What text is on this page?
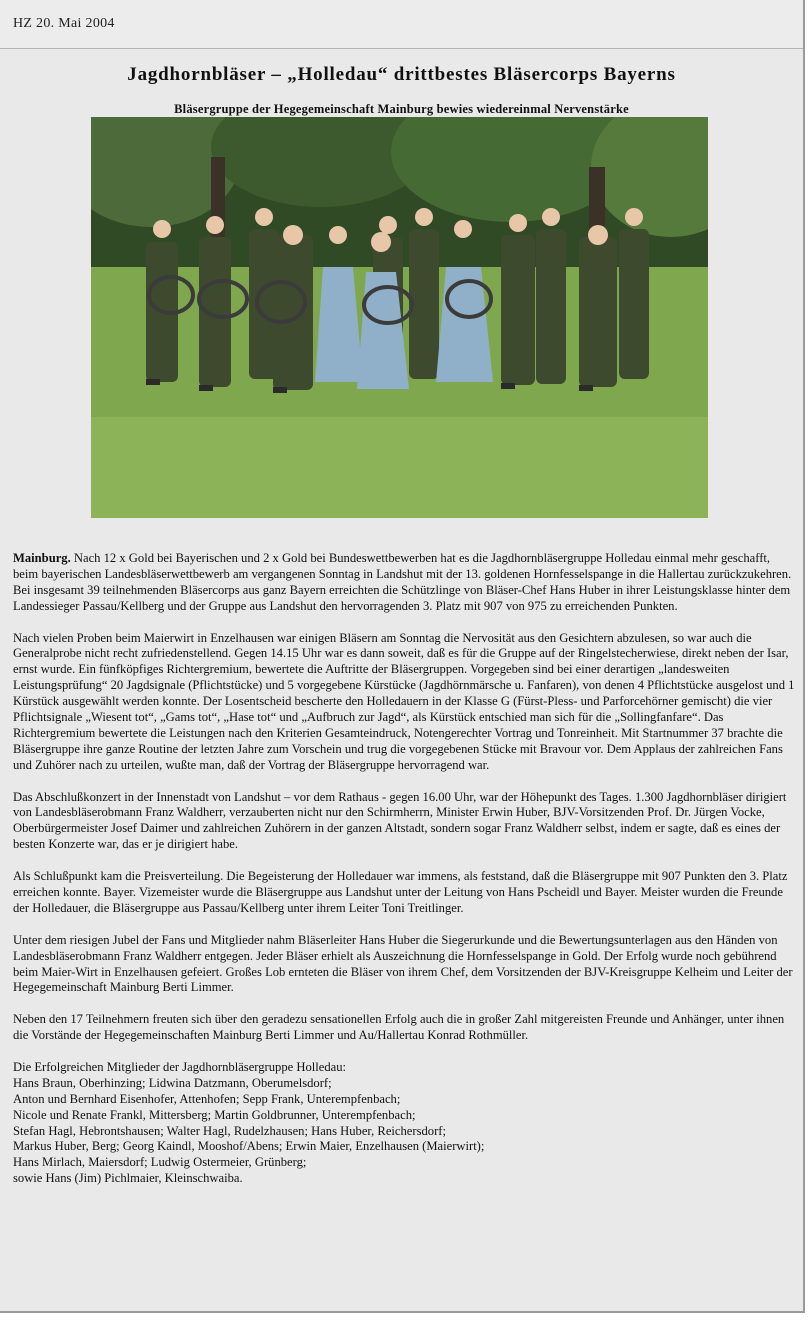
HZ 20. Mai 2004
Jagdhornbläser – „Holledau“ drittbestes Bläsercorps Bayerns
Bläsergruppe der Hegegemeinschaft Mainburg bewies wiedereinmal Nervenstärke

Mainburg. Nach 12 x Gold bei Bayerischen und 2 x Gold bei Bundeswettbewerben hat es die Jagdhornbläsergruppe Holledau einmal mehr geschafft, beim bayerischen Landesbläserwettbewerb am vergangenen Sonntag in Landshut mit der 13. goldenen Hornfesselspange in die Hallertau zurückzukehren. Bei insgesamt 39 teilnehmenden Bläsercorps aus ganz Bayern erreichten die Schützlinge von Bläser-Chef Hans Huber in ihrer Leistungsklasse hinter dem Landessieger Passau/Kellberg und der Gruppe aus Landshut den hervorragenden 3. Platz mit 907 von 975 zu erreichenden Punkten.

Nach vielen Proben beim Maierwirt in Enzelhausen war einigen Bläsern am Sonntag die Nervosität aus den Gesichtern abzulesen, so war auch die Generalprobe nicht recht zufriedenstellend. Gegen 14.15 Uhr war es dann soweit, daß es für die Gruppe auf der Ringelstecherwiese, direkt neben der Isar, ernst wurde. Ein fünfköpfiges Richtergremium, bewertete die Auftritte der Bläsergruppen. Vorgegeben sind bei einer derartigen „landesweiten Leistungsprüfung“ 20 Jagdsignale (Pflichtstücke) und 5 vorgegebene Kürstücke (Jagdhörnmärsche u. Fanfaren), von denen 4 Pflichtstücke ausgelost und 1 Kürstück ausgewählt werden konnte. Der Losentscheid bescherte den Holledauern in der Klasse G (Fürst-Pless- und Parforcehörner gemischt) die vier Pflichtsignale „Wiesent tot“, „Gams tot“, „Hase tot“ und „Aufbruch zur Jagd“, als Kürstück entschied man sich für die „Sollingfanfare“. Das Richtergremium bewertete die Leistungen nach den Kriterien Gesamteindruck, Notengerechter Vortrag und Tonreinheit. Mit Startnummer 37 brachte die Bläsergruppe ihre ganze Routine der letzten Jahre zum Vorschein und trug die vorgegebenen Stücke mit Bravour vor. Dem Applaus der zahlreichen Fans und Zuhörer nach zu urteilen, wußte man, daß der Vortrag der Bläsergruppe hervorragend war.

Das Abschlußkonzert in der Innenstadt von Landshut – vor dem Rathaus - gegen 16.00 Uhr, war der Höhepunkt des Tages. 1.300 Jagdhornbläser dirigiert von Landesbläserobmann Franz Waldherr, verzauberten nicht nur den Schirmherrn, Minister Erwin Huber, BJV-Vorsitzenden Prof. Dr. Jürgen Vocke, Oberbürgermeister Josef Daimer und zahlreichen Zuhörern in der ganzen Altstadt, sondern sogar Franz Waldherr selbst, indem er sagte, daß es eines der besten Konzerte war, das er je dirigiert habe.

Als Schlußpunkt kam die Preisverteilung. Die Begeisterung der Holledauer war immens, als feststand, daß die Bläsergruppe mit 907 Punkten den 3. Platz erreichen konnte. Bayer. Vizemeister wurde die Bläsergruppe aus Landshut unter der Leitung von Hans Pscheidl und Bayer. Meister wurden die Freunde der Holledauer, die Bläsergruppe aus Passau/Kellberg unter ihrem Leiter Toni Treitlinger.

Unter dem riesigen Jubel der Fans und Mitglieder nahm Bläserleiter Hans Huber die Siegerurkunde und die Bewertungsunterlagen aus den Händen von Landesbläserobmann Franz Waldherr entgegen. Jeder Bläser erhielt als Auszeichnung die Hornfesselspange in Gold. Der Erfolg wurde noch gebührend beim Maier-Wirt in Enzelhausen gefeiert. Großes Lob ernteten die Bläser von ihrem Chef, dem Vorsitzenden der BJV-Kreisgruppe Kelheim und Leiter der Hegegemeinschaft Mainburg Berti Limmer.

Neben den 17 Teilnehmern freuten sich über den geradezu sensationellen Erfolg auch die in großer Zahl mitgereisten Freunde und Anhänger, unter ihnen die Vorstände der Hegegemeinschaften Mainburg Berti Limmer und Au/Hallertau Konrad Rothmüller.

Die Erfolgreichen Mitglieder der Jagdhornbläsergruppe Holledau:
Hans Braun, Oberhinzing; Lidwina Datzmann, Oberumelsdorf;
Anton und Bernhard Eisenhofer, Attenhofen; Sepp Frank, Unterempfenbach;
Nicole und Renate Frankl, Mittersberg; Martin Goldbrunner, Unterempfenbach;
Stefan Hagl, Hebrontshausen; Walter Hagl, Rudelzhausen; Hans Huber, Reichersdorf;
Markus Huber, Berg; Georg Kaindl, Mooshof/Abens; Erwin Maier, Enzelhausen (Maierwirt);
Hans Mirlach, Maiersdorf; Ludwig Ostermeier, Grünberg;
sowie Hans (Jim) Pichlmaier, Kleinschwaiba.
